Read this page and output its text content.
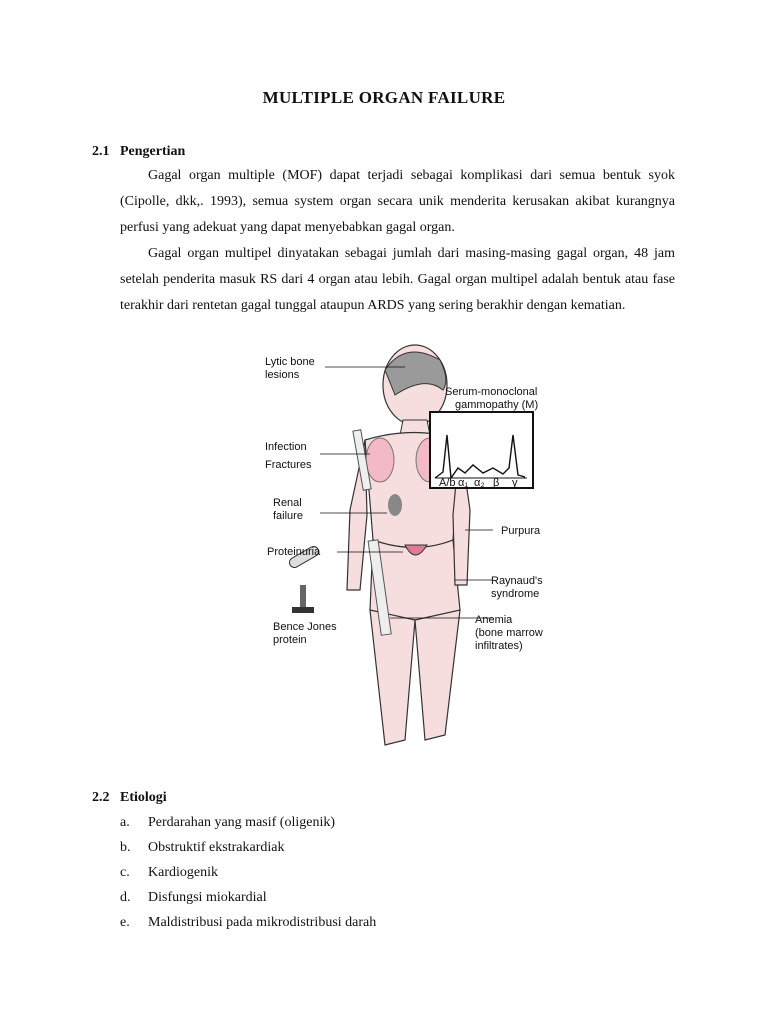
MULTIPLE ORGAN FAILURE
2.1 Pengertian

Gagal organ multiple (MOF) dapat terjadi sebagai komplikasi dari semua bentuk syok (Cipolle, dkk,. 1993), semua system organ secara unik menderita kerusakan akibat kurangnya perfusi yang adekuat yang dapat menyebabkan gagal organ.

Gagal organ multipel dinyatakan sebagai jumlah dari masing-masing gagal organ, 48 jam setelah penderita masuk RS dari 4 organ atau lebih. Gagal organ multipel adalah bentuk atau fase terakhir dari rentetan gagal tunggal ataupun ARDS yang sering berakhir dengan kematian.

A/b α₁ α₂ β γ
Lytic bone
lesions
Serum-monoclonal
gammopathy (M)
Infection
Fractures
Renal
failure
Purpura
Proteinuria
Raynaud's
syndrome
Bence Jones
protein
Anemia
(bone marrow
infiltrates)
2.2 Etiologi
a. Perdarahan yang masif (oligenik)
b. Obstruktif ekstrakardiak
c. Kardiogenik
d. Disfungsi miokardial
e. Maldistribusi pada mikrodistribusi darah
